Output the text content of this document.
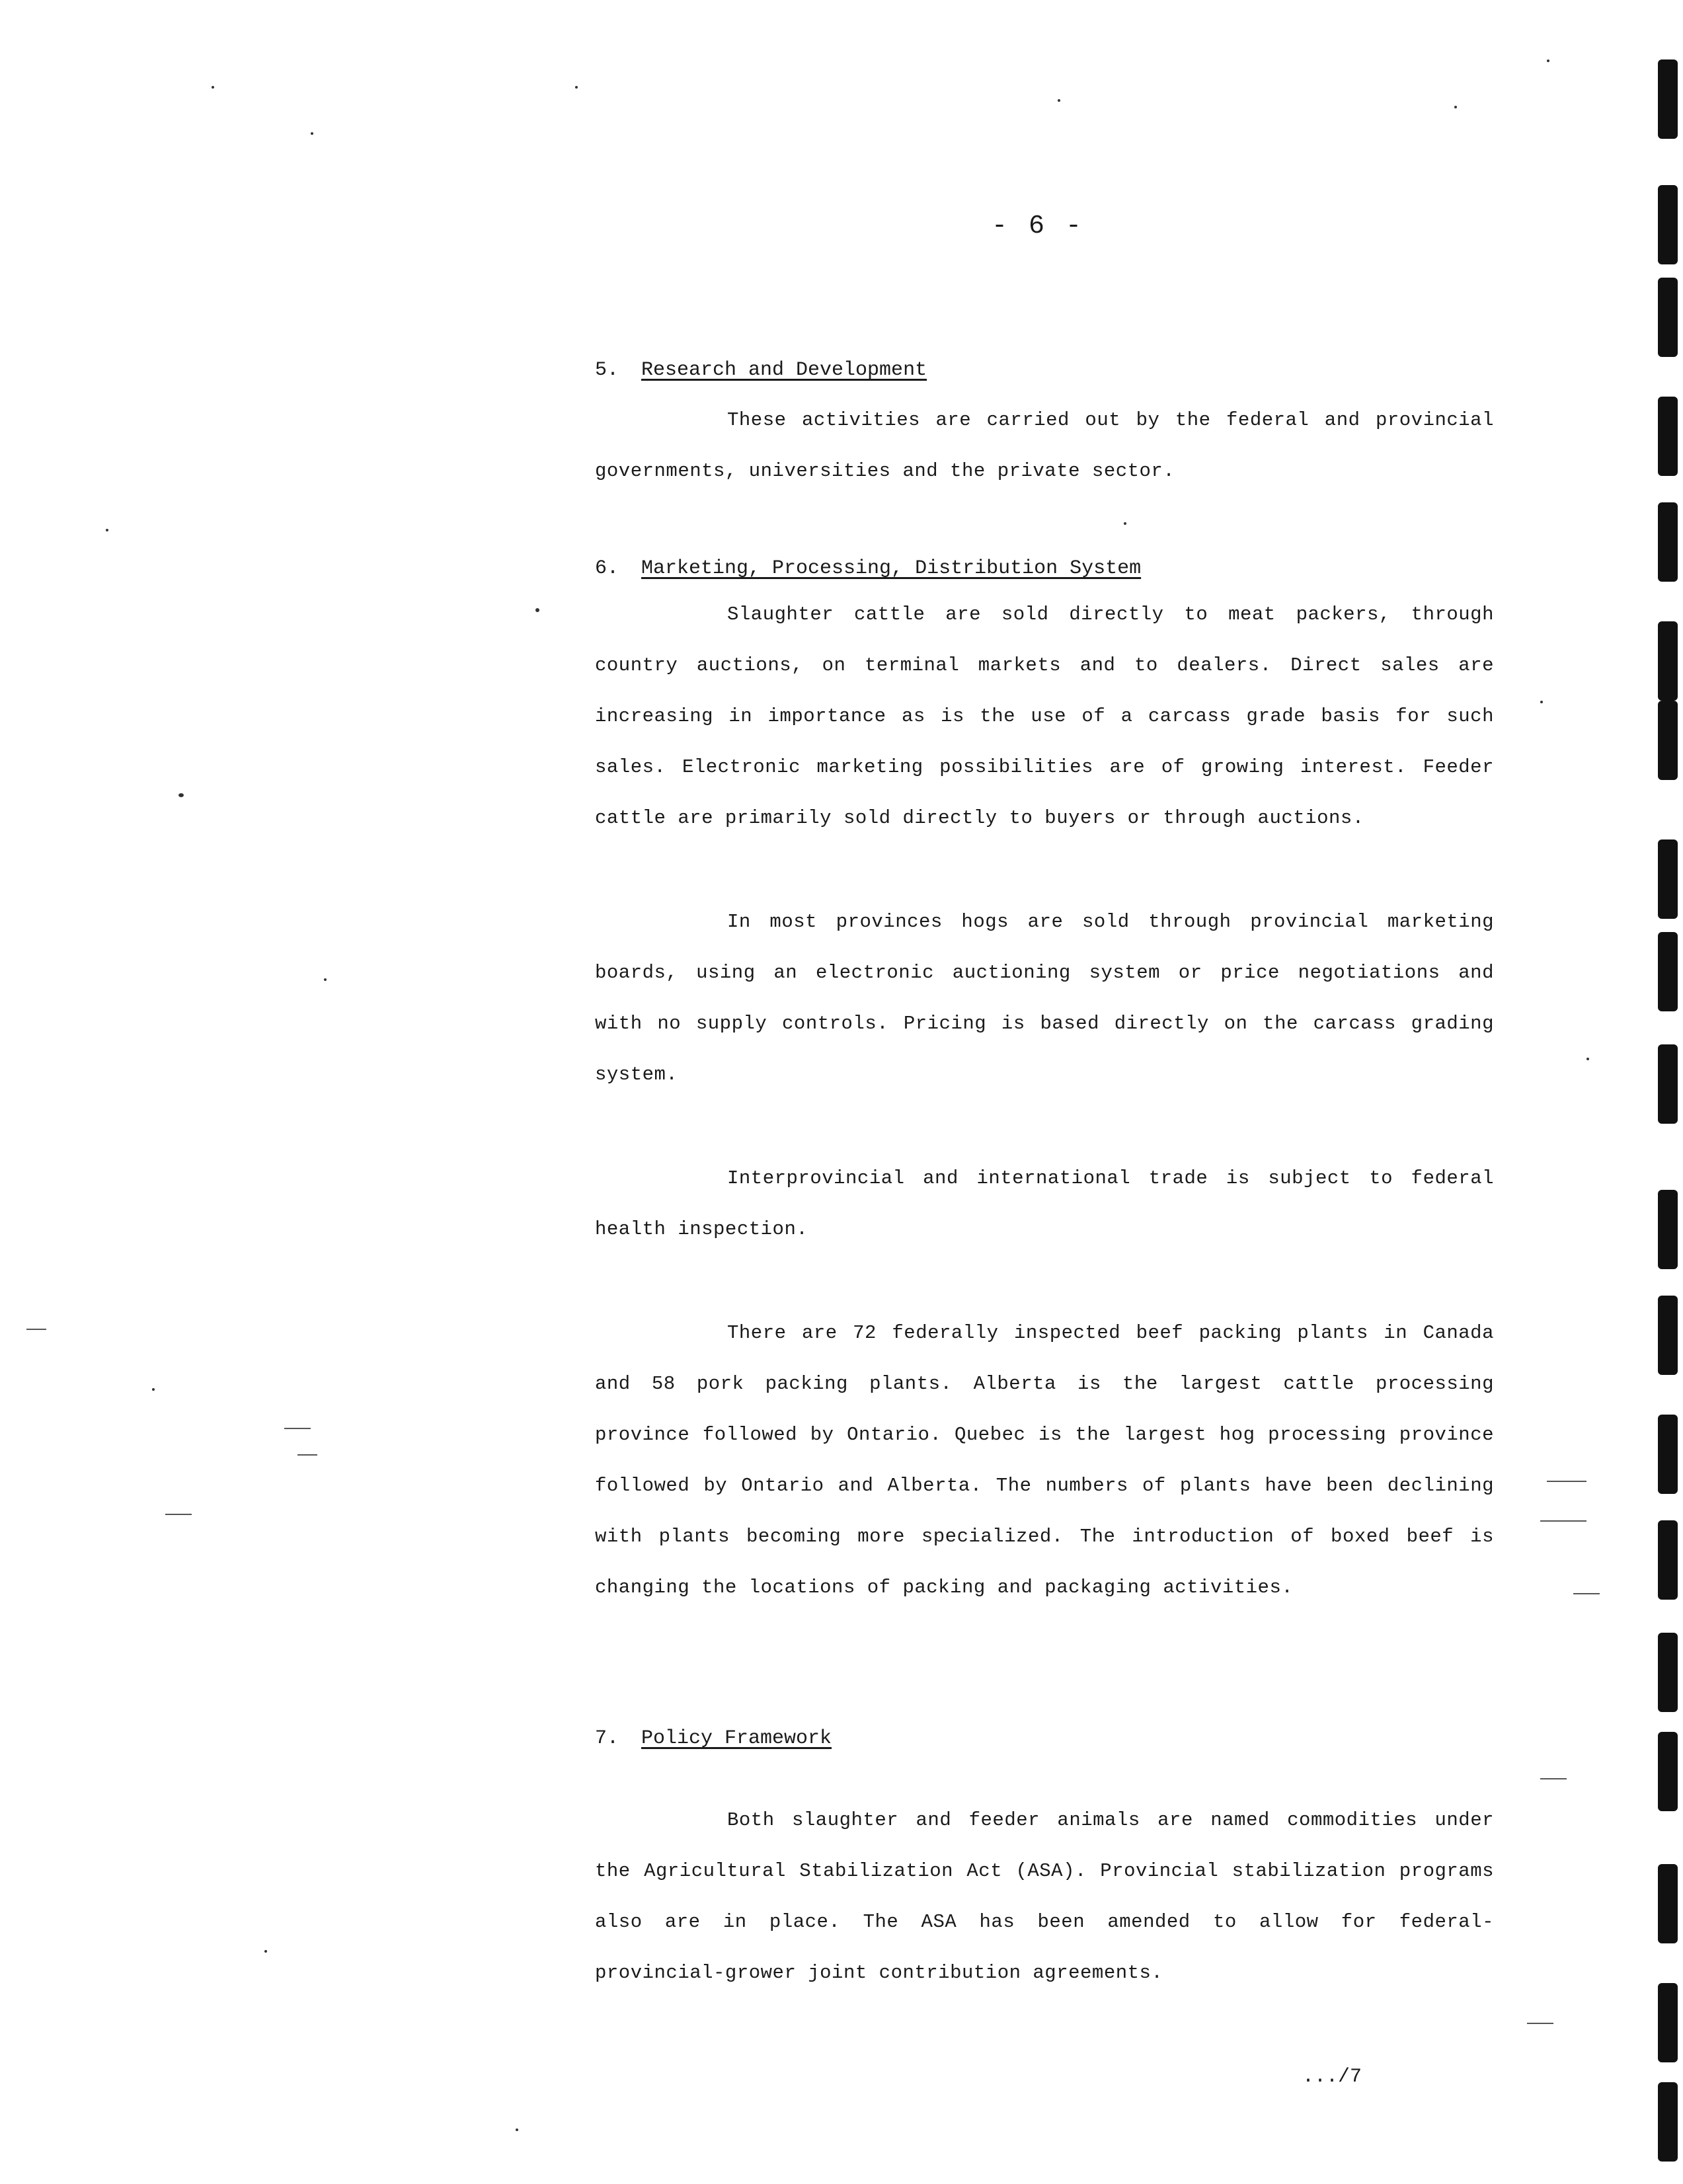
- 6 -

5. Research and Development

These activities are carried out by the federal and provincial governments, universities and the private sector.

6. Marketing, Processing, Distribution System

Slaughter cattle are sold directly to meat packers, through country auctions, on terminal markets and to dealers. Direct sales are increasing in importance as is the use of a carcass grade basis for such sales. Electronic marketing possibilities are of growing interest. Feeder cattle are primarily sold directly to buyers or through auctions.

In most provinces hogs are sold through provincial marketing boards, using an electronic auctioning system or price negotiations and with no supply controls. Pricing is based directly on the carcass grading system.

Interprovincial and international trade is subject to federal health inspection.

There are 72 federally inspected beef packing plants in Canada and 58 pork packing plants. Alberta is the largest cattle processing province followed by Ontario. Quebec is the largest hog processing province followed by Ontario and Alberta. The numbers of plants have been declining with plants becoming more specialized. The introduction of boxed beef is changing the locations of packing and packaging activities.

7. Policy Framework

Both slaughter and feeder animals are named commodities under the Agricultural Stabilization Act (ASA). Provincial stabilization programs also are in place. The ASA has been amended to allow for federal-provincial-grower joint contribution agreements.

.../7
